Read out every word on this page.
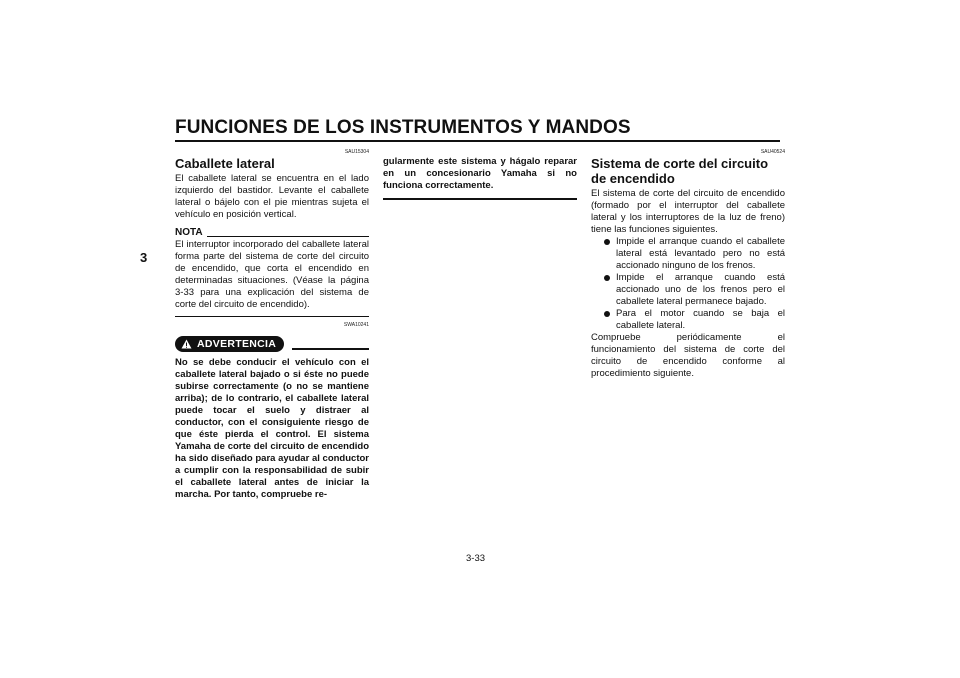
FUNCIONES DE LOS INSTRUMENTOS Y MANDOS
3
SAU15304
Caballete lateral

El caballete lateral se encuentra en el lado izquierdo del bastidor. Levante el caballete lateral o bájelo con el pie mientras sujeta el vehículo en posición vertical.

NOTA

El interruptor incorporado del caballete lateral forma parte del sistema de corte del circuito de encendido, que corta el encendido en determinadas situaciones. (Véase la página 3-33 para una explicación del sistema de corte del circuito de encendido).

SWA10241
ADVERTENCIA

No se debe conducir el vehículo con el caballete lateral bajado o si éste no puede subirse correctamente (o no se mantiene arriba); de lo contrario, el caballete lateral puede tocar el suelo y distraer al conductor, con el consiguiente riesgo de que éste pierda el control. El sistema Yamaha de corte del circuito de encendido ha sido diseñado para ayudar al conductor a cumplir con la responsabilidad de subir el caballete lateral antes de iniciar la marcha. Por tanto, compruebe re-

gularmente este sistema y hágalo reparar en un concesionario Yamaha si no funciona correctamente.

SAU40524
Sistema de corte del circuito de encendido

El sistema de corte del circuito de encendido (formado por el interruptor del caballete lateral y los interruptores de la luz de freno) tiene las funciones siguientes.

Impide el arranque cuando el caballete lateral está levantado pero no está accionado ninguno de los frenos.
Impide el arranque cuando está accionado uno de los frenos pero el caballete lateral permanece bajado.
Para el motor cuando se baja el caballete lateral.

Compruebe periódicamente el funcionamiento del sistema de corte del circuito de encendido conforme al procedimiento siguiente.

3-33
